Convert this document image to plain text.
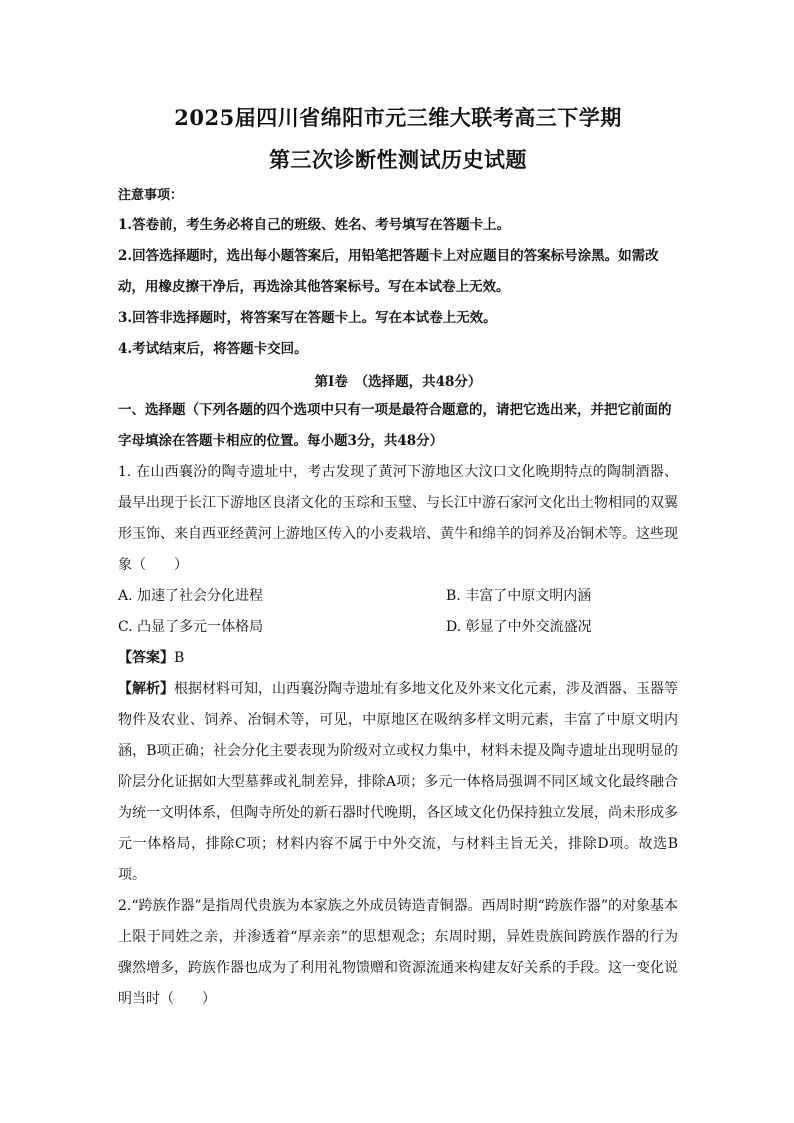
2025届四川省绵阳市元三维大联考高三下学期
第三次诊断性测试历史试题
注意事项：

1.答卷前，考生务必将自己的班级、姓名、考号填写在答题卡上。

2.回答选择题时，选出每小题答案后，用铅笔把答题卡上对应题目的答案标号涂黑。如需改动，用橡皮擦干净后，再选涂其他答案标号。写在本试卷上无效。

3.回答非选择题时，将答案写在答题卡上。写在本试卷上无效。

4.考试结束后，将答题卡交回。

第Ⅰ卷　（选择题，共48分）

一、选择题（下列各题的四个选项中只有一项是最符合题意的，请把它选出来，并把它前面的字母填涂在答题卡相应的位置。每小题3分，共48分）

1. 在山西襄汾的陶寺遗址中，考古发现了黄河下游地区大汶口文化晚期特点的陶制酒器、最早出现于长江下游地区良渚文化的玉琮和玉璧、与长江中游石家河文化出土物相同的双翼形玉饰、来自西亚经黄河上游地区传入的小麦栽培、黄牛和绵羊的饲养及冶铜术等。这些现象（　　）

A. 加速了社会分化进程	B. 丰富了中原文明内涵
C. 凸显了多元一体格局	D. 彰显了中外交流盛况

【答案】B

【解析】根据材料可知，山西襄汾陶寺遗址有多地文化及外来文化元素，涉及酒器、玉器等物件及农业、饲养、冶铜术等，可见，中原地区在吸纳多样文明元素，丰富了中原文明内涵，B项正确；社会分化主要表现为阶级对立或权力集中，材料未提及陶寺遗址出现明显的阶层分化证据如大型墓葬或礼制差异，排除A项；多元一体格局强调不同区域文化最终融合为统一文明体系，但陶寺所处的新石器时代晚期，各区域文化仍保持独立发展，尚未形成多元一体格局，排除C项；材料内容不属于中外交流，与材料主旨无关，排除D项。故选B项。

2.“跨族作器”是指周代贵族为本家族之外成员铸造青铜器。西周时期“跨族作器”的对象基本上限于同姓之亲，并渗透着“厚亲亲”的思想观念；东周时期，异姓贵族间跨族作器的行为骤然增多，跨族作器也成为了利用礼物馈赠和资源流通来构建友好关系的手段。这一变化说明当时（　　）
